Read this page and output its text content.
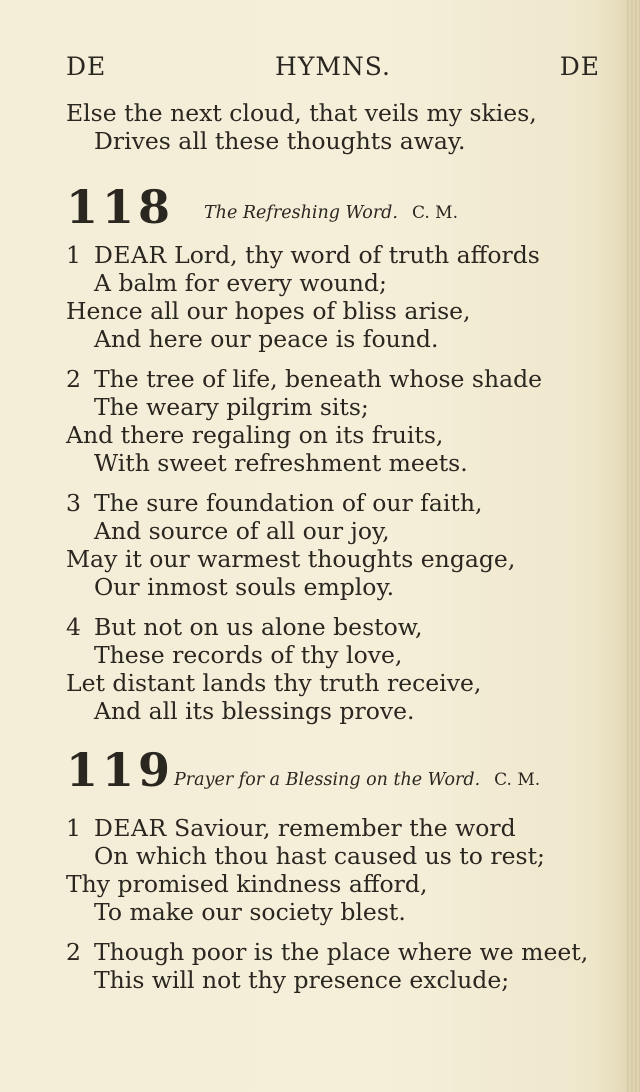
DE	HYMNS.	DE
Else the next cloud, that veils my skies,
Drives all these thoughts away.
118 The Refreshing Word. C. M.
1 DEAR Lord, thy word of truth affords
A balm for every wound;
Hence all our hopes of bliss arise,
And here our peace is found.
2 The tree of life, beneath whose shade
The weary pilgrim sits;
And there regaling on its fruits,
With sweet refreshment meets.
3 The sure foundation of our faith,
And source of all our joy,
May it our warmest thoughts engage,
Our inmost souls employ.
4 But not on us alone bestow,
These records of thy love,
Let distant lands thy truth receive,
And all its blessings prove.
119 Prayer for a Blessing on the Word. C. M.
1 DEAR Saviour, remember the word
On which thou hast caused us to rest;
Thy promised kindness afford,
To make our society blest.
2 Though poor is the place where we meet,
This will not thy presence exclude;
